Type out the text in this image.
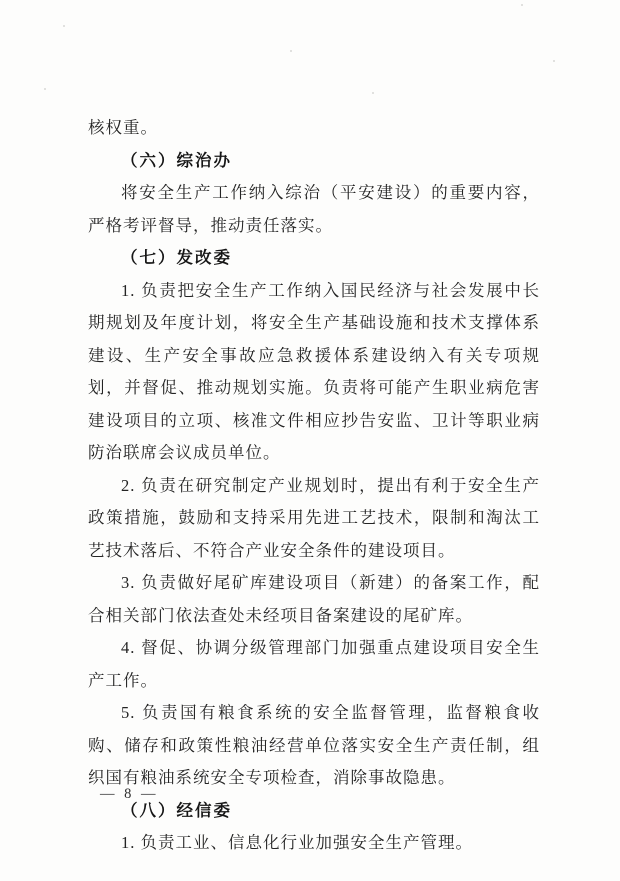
核权重。

（六）综治办

将安全生产工作纳入综治（平安建设）的重要内容，严格考评督导，推动责任落实。

（七）发改委

1. 负责把安全生产工作纳入国民经济与社会发展中长期规划及年度计划，将安全生产基础设施和技术支撑体系建设、生产安全事故应急救援体系建设纳入有关专项规划，并督促、推动规划实施。负责将可能产生职业病危害建设项目的立项、核准文件相应抄告安监、卫计等职业病防治联席会议成员单位。

2. 负责在研究制定产业规划时，提出有利于安全生产政策措施，鼓励和支持采用先进工艺技术，限制和淘汰工艺技术落后、不符合产业安全条件的建设项目。

3. 负责做好尾矿库建设项目（新建）的备案工作，配合相关部门依法查处未经项目备案建设的尾矿库。

4. 督促、协调分级管理部门加强重点建设项目安全生产工作。

5. 负责国有粮食系统的安全监督管理，监督粮食收购、储存和政策性粮油经营单位落实安全生产责任制，组织国有粮油系统安全专项检查，消除事故隐患。

（八）经信委

1. 负责工业、信息化行业加强安全生产管理。

— 8 —
